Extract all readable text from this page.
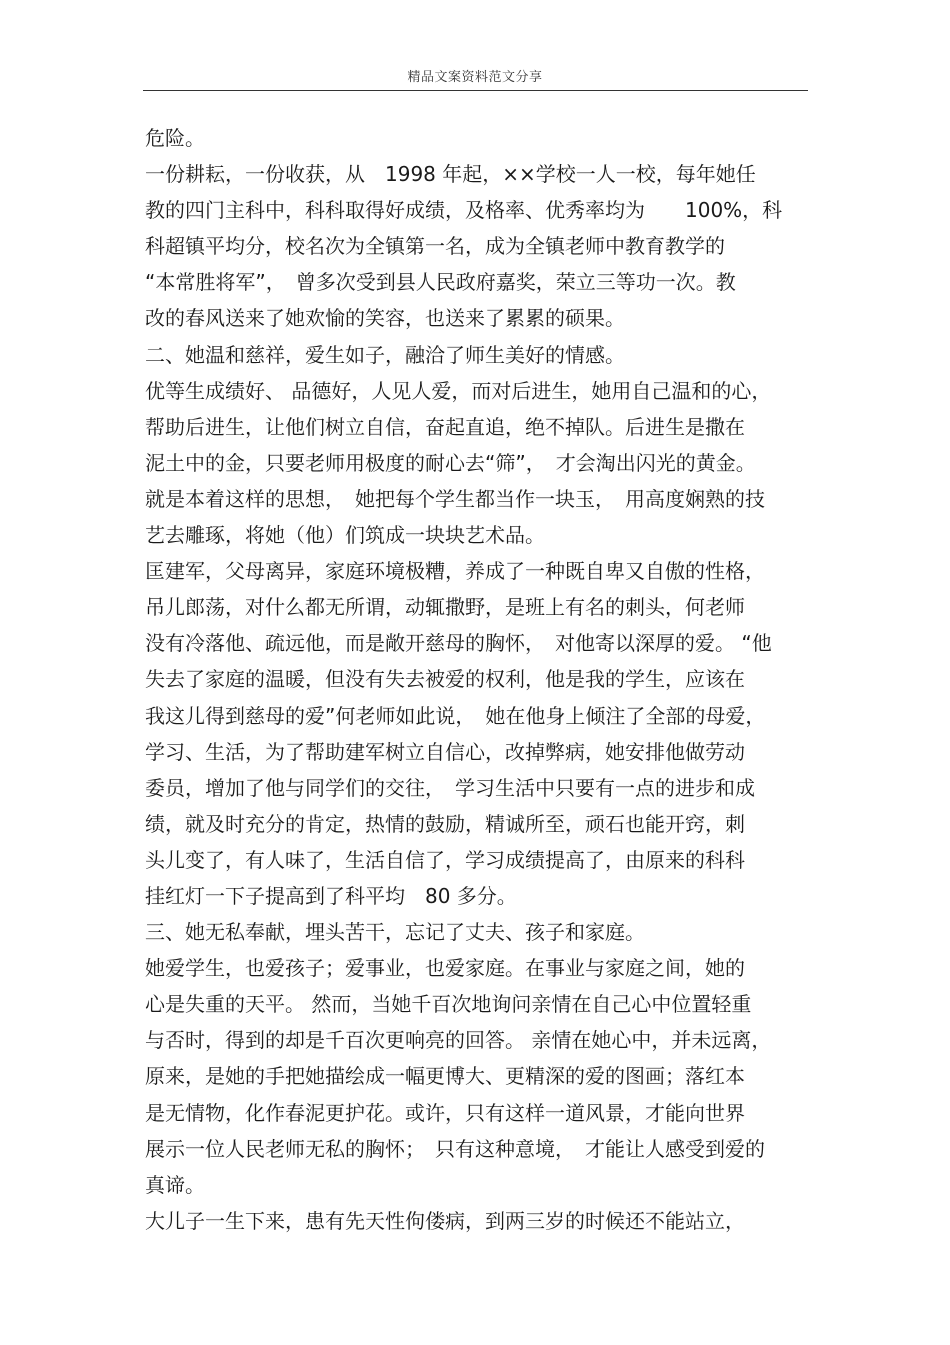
精品文案资料范文分享
危险。
一份耕耘，一份收获，从　1998 年起，××学校一人一校，每年她任
教的四门主科中，科科取得好成绩，及格率、优秀率均为　　100%，科
科超镇平均分，校名次为全镇第一名，成为全镇老师中教育教学的
“本常胜将军”，　曾多次受到县人民政府嘉奖，荣立三等功一次。教
改的春风送来了她欢愉的笑容，也送来了累累的硕果。
二、她温和慈祥，爱生如子，融洽了师生美好的情感。
优等生成绩好、 品德好，人见人爱，而对后进生，她用自己温和的心，
帮助后进生，让他们树立自信，奋起直追，绝不掉队。后进生是撒在
泥土中的金，只要老师用极度的耐心去“筛”，　才会淘出闪光的黄金。
就是本着这样的思想，　她把每个学生都当作一块玉，　用高度娴熟的技
艺去雕琢，将她（他）们筑成一块块艺术品。
匡建军，父母离异，家庭环境极糟，养成了一种既自卑又自傲的性格，
吊儿郎荡，对什么都无所谓，动辄撒野，是班上有名的刺头，何老师
没有冷落他、疏远他，而是敞开慈母的胸怀，　对他寄以深厚的爱。 “他
失去了家庭的温暖，但没有失去被爱的权利，他是我的学生，应该在
我这儿得到慈母的爱”何老师如此说，　她在他身上倾注了全部的母爱，
学习、生活，为了帮助建军树立自信心，改掉弊病，她安排他做劳动
委员，增加了他与同学们的交往，　学习生活中只要有一点的进步和成
绩，就及时充分的肯定，热情的鼓励，精诚所至，顽石也能开窍，刺
头儿变了，有人味了，生活自信了，学习成绩提高了，由原来的科科
挂红灯一下子提高到了科平均　80 多分。
三、她无私奉献，埋头苦干，忘记了丈夫、孩子和家庭。
她爱学生，也爱孩子；爱事业，也爱家庭。在事业与家庭之间，她的
心是失重的天平。 然而，当她千百次地询问亲情在自己心中位置轻重
与否时，得到的却是千百次更响亮的回答。 亲情在她心中，并未远离，
原来，是她的手把她描绘成一幅更博大、更精深的爱的图画；落红本
是无情物，化作春泥更护花。或许，只有这样一道风景，才能向世界
展示一位人民老师无私的胸怀；　只有这种意境，　才能让人感受到爱的
真谛。
大儿子一生下来，患有先天性佝偻病，到两三岁的时候还不能站立，
